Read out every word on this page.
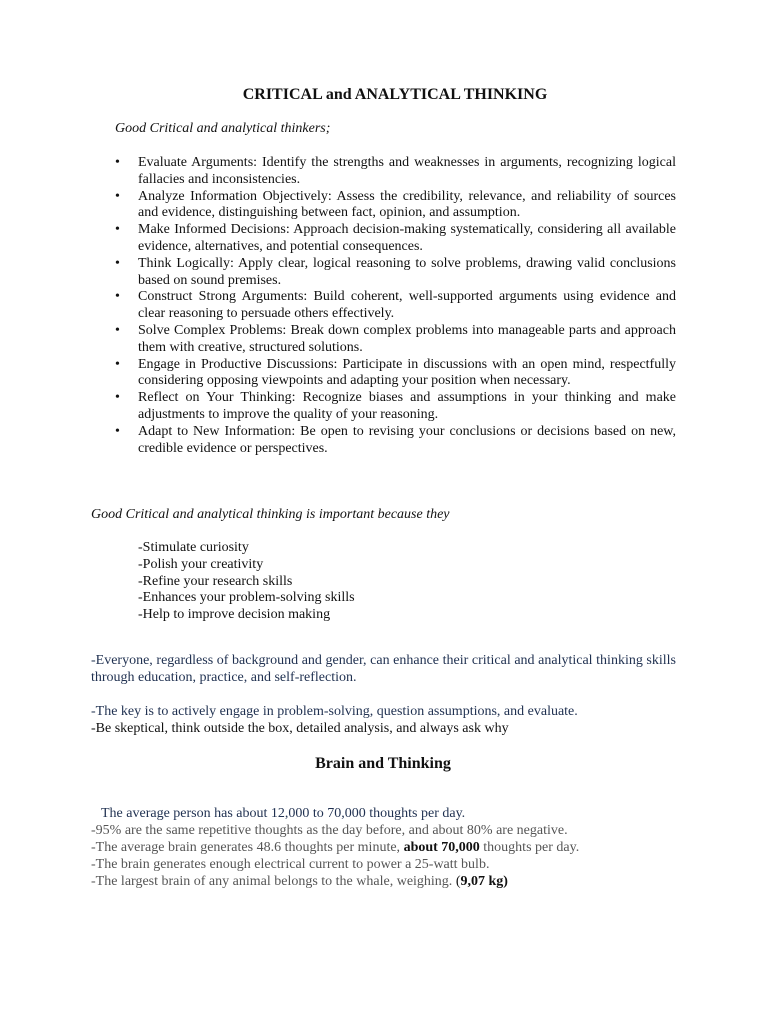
CRITICAL and ANALYTICAL THINKING

Good Critical and analytical thinkers;

• Evaluate Arguments: Identify the strengths and weaknesses in arguments, recognizing logical fallacies and inconsistencies.
• Analyze Information Objectively: Assess the credibility, relevance, and reliability of sources and evidence, distinguishing between fact, opinion, and assumption.
• Make Informed Decisions: Approach decision-making systematically, considering all available evidence, alternatives, and potential consequences.
• Think Logically: Apply clear, logical reasoning to solve problems, drawing valid conclusions based on sound premises.
• Construct Strong Arguments: Build coherent, well-supported arguments using evidence and clear reasoning to persuade others effectively.
• Solve Complex Problems: Break down complex problems into manageable parts and approach them with creative, structured solutions.
• Engage in Productive Discussions: Participate in discussions with an open mind, respectfully considering opposing viewpoints and adapting your position when necessary.
• Reflect on Your Thinking: Recognize biases and assumptions in your thinking and make adjustments to improve the quality of your reasoning.
• Adapt to New Information: Be open to revising your conclusions or decisions based on new, credible evidence or perspectives.

Good Critical and analytical thinking is important because they

-Stimulate curiosity
-Polish your creativity
-Refine your research skills
-Enhances your problem-solving skills
-Help to improve decision making

-Everyone, regardless of background and gender, can enhance their critical and analytical thinking skills through education, practice, and self-reflection.

-The key is to actively engage in problem-solving, question assumptions, and evaluate.

-Be skeptical, think outside the box, detailed analysis, and always ask why

Brain and Thinking

The average person has about 12,000 to 70,000 thoughts per day.

-95% are the same repetitive thoughts as the day before, and about 80% are negative.

-The average brain generates 48.6 thoughts per minute, about 70,000 thoughts per day.

-The brain generates enough electrical current to power a 25-watt bulb.

-The largest brain of any animal belongs to the whale, weighing. (9,07 kg)
